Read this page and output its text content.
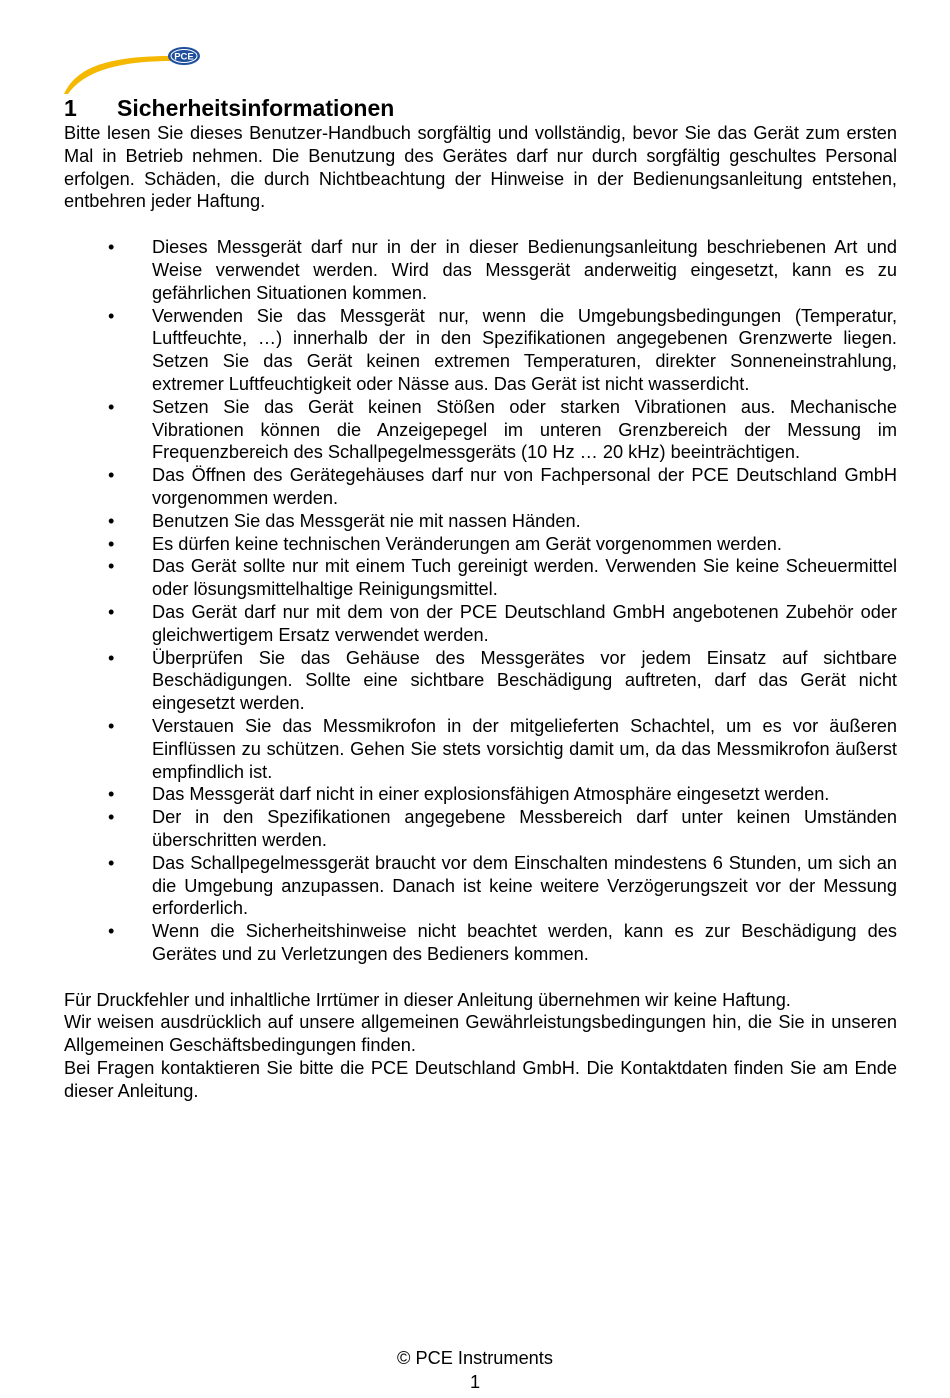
PCE
1 Sicherheitsinformationen

Bitte lesen Sie dieses Benutzer-Handbuch sorgfältig und vollständig, bevor Sie das Gerät zum ersten Mal in Betrieb nehmen. Die Benutzung des Gerätes darf nur durch sorgfältig geschultes Personal erfolgen. Schäden, die durch Nichtbeachtung der Hinweise in der Bedienungsanleitung entstehen, entbehren jeder Haftung.

• Dieses Messgerät darf nur in der in dieser Bedienungsanleitung beschriebenen Art und Weise verwendet werden. Wird das Messgerät anderweitig eingesetzt, kann es zu gefährlichen Situationen kommen.
• Verwenden Sie das Messgerät nur, wenn die Umgebungsbedingungen (Temperatur, Luftfeuchte, …) innerhalb der in den Spezifikationen angegebenen Grenzwerte liegen. Setzen Sie das Gerät keinen extremen Temperaturen, direkter Sonneneinstrahlung, extremer Luftfeuchtigkeit oder Nässe aus. Das Gerät ist nicht wasserdicht.
• Setzen Sie das Gerät keinen Stößen oder starken Vibrationen aus. Mechanische Vibrationen können die Anzeigepegel im unteren Grenzbereich der Messung im Frequenzbereich des Schallpegelmessgeräts (10 Hz … 20 kHz) beeinträchtigen.
• Das Öffnen des Gerätegehäuses darf nur von Fachpersonal der PCE Deutschland GmbH vorgenommen werden.
• Benutzen Sie das Messgerät nie mit nassen Händen.
• Es dürfen keine technischen Veränderungen am Gerät vorgenommen werden.
• Das Gerät sollte nur mit einem Tuch gereinigt werden. Verwenden Sie keine Scheuermittel oder lösungsmittelhaltige Reinigungsmittel.
• Das Gerät darf nur mit dem von der PCE Deutschland GmbH angebotenen Zubehör oder gleichwertigem Ersatz verwendet werden.
• Überprüfen Sie das Gehäuse des Messgerätes vor jedem Einsatz auf sichtbare Beschädigungen. Sollte eine sichtbare Beschädigung auftreten, darf das Gerät nicht eingesetzt werden.
• Verstauen Sie das Messmikrofon in der mitgelieferten Schachtel, um es vor äußeren Einflüssen zu schützen. Gehen Sie stets vorsichtig damit um, da das Messmikrofon äußerst empfindlich ist.
• Das Messgerät darf nicht in einer explosionsfähigen Atmosphäre eingesetzt werden.
• Der in den Spezifikationen angegebene Messbereich darf unter keinen Umständen überschritten werden.
• Das Schallpegelmessgerät braucht vor dem Einschalten mindestens 6 Stunden, um sich an die Umgebung anzupassen. Danach ist keine weitere Verzögerungszeit vor der Messung erforderlich.
• Wenn die Sicherheitshinweise nicht beachtet werden, kann es zur Beschädigung des Gerätes und zu Verletzungen des Bedieners kommen.

Für Druckfehler und inhaltliche Irrtümer in dieser Anleitung übernehmen wir keine Haftung.

Wir weisen ausdrücklich auf unsere allgemeinen Gewährleistungsbedingungen hin, die Sie in unseren Allgemeinen Geschäftsbedingungen finden.

Bei Fragen kontaktieren Sie bitte die PCE Deutschland GmbH. Die Kontaktdaten finden Sie am Ende dieser Anleitung.

© PCE Instruments
1
